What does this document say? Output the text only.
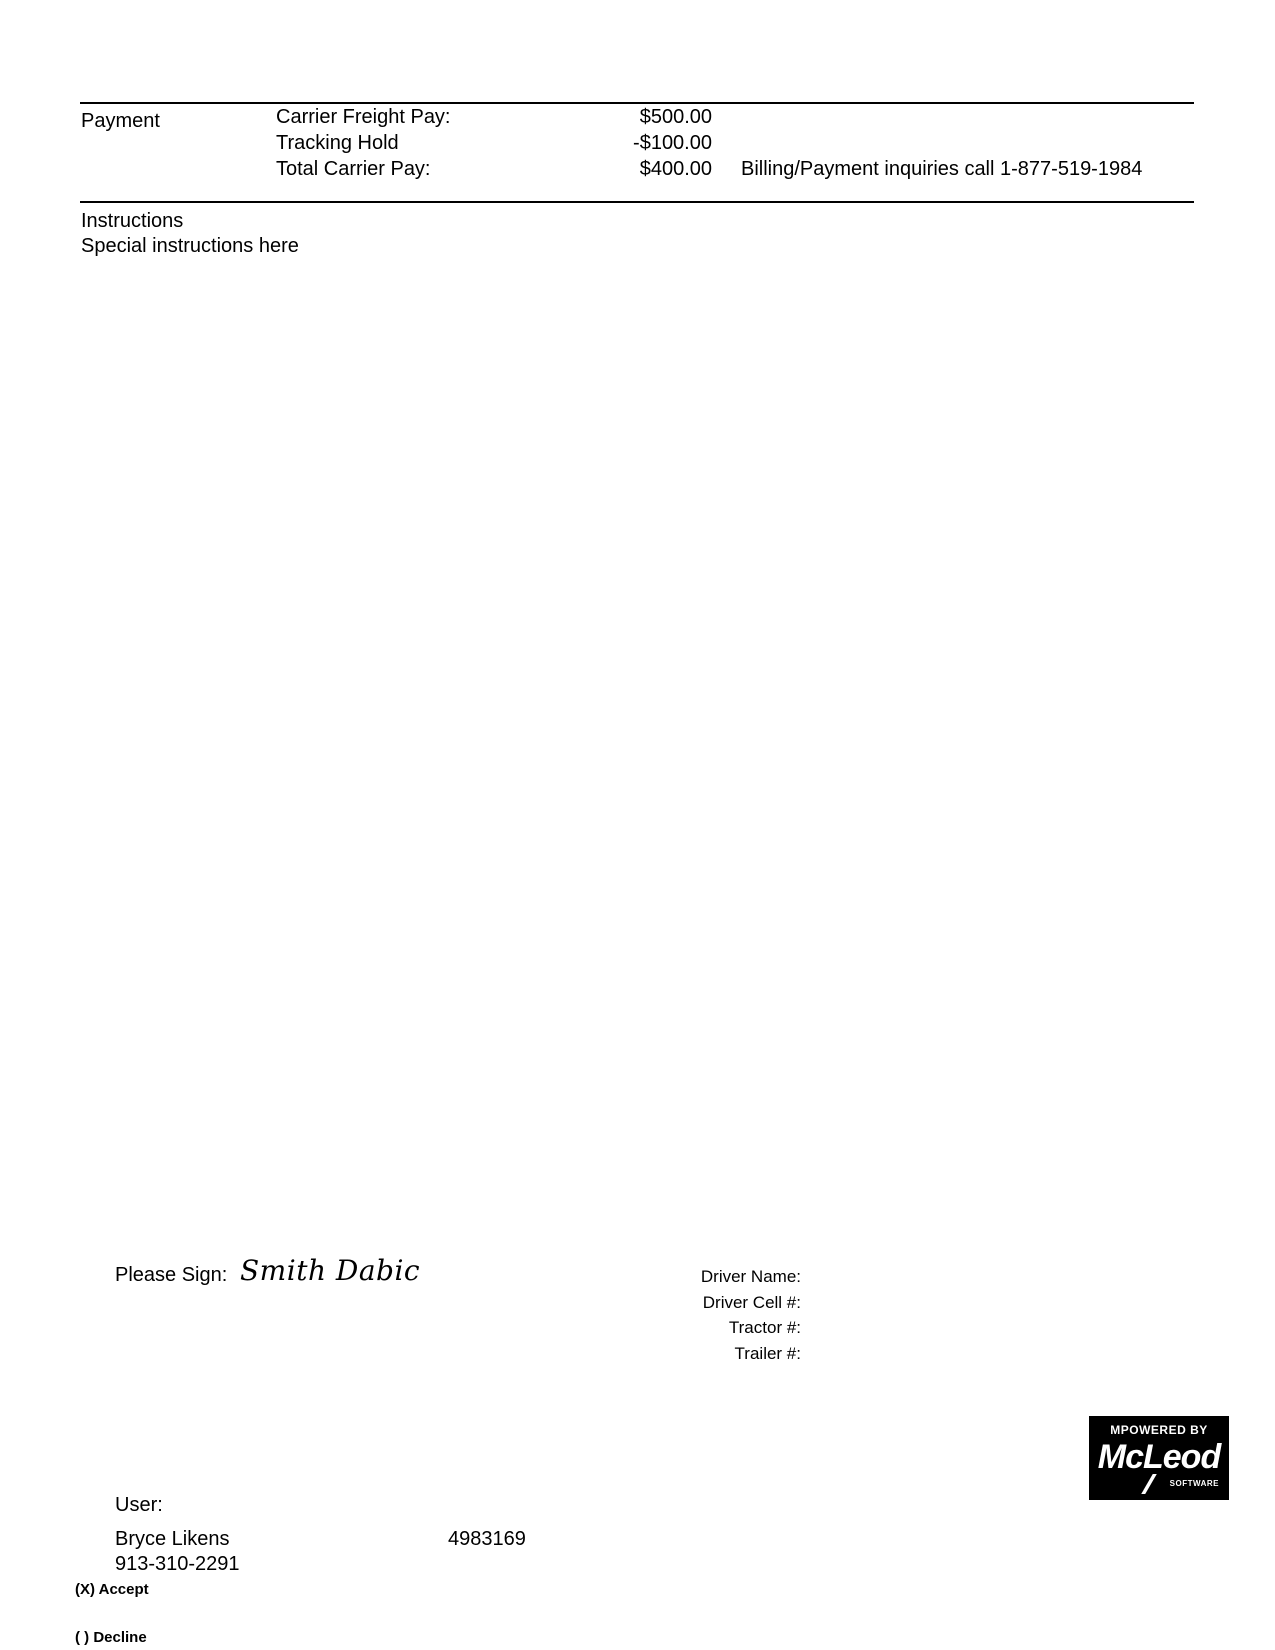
Payment	Carrier Freight Pay:	$500.00
Tracking Hold	-$100.00
Total Carrier Pay:	$400.00 Billing/Payment inquiries call 1-877-519-1984
Instructions
Special instructions here
Please Sign: Smith Dabic	Driver Name:
Driver Cell #:
Tractor #:
Trailer #:
MPOWERED BY
McLeod
SOFTWARE
User:
Bryce Likens	4983169
913-310-2291
(X) Accept
( ) Decline
